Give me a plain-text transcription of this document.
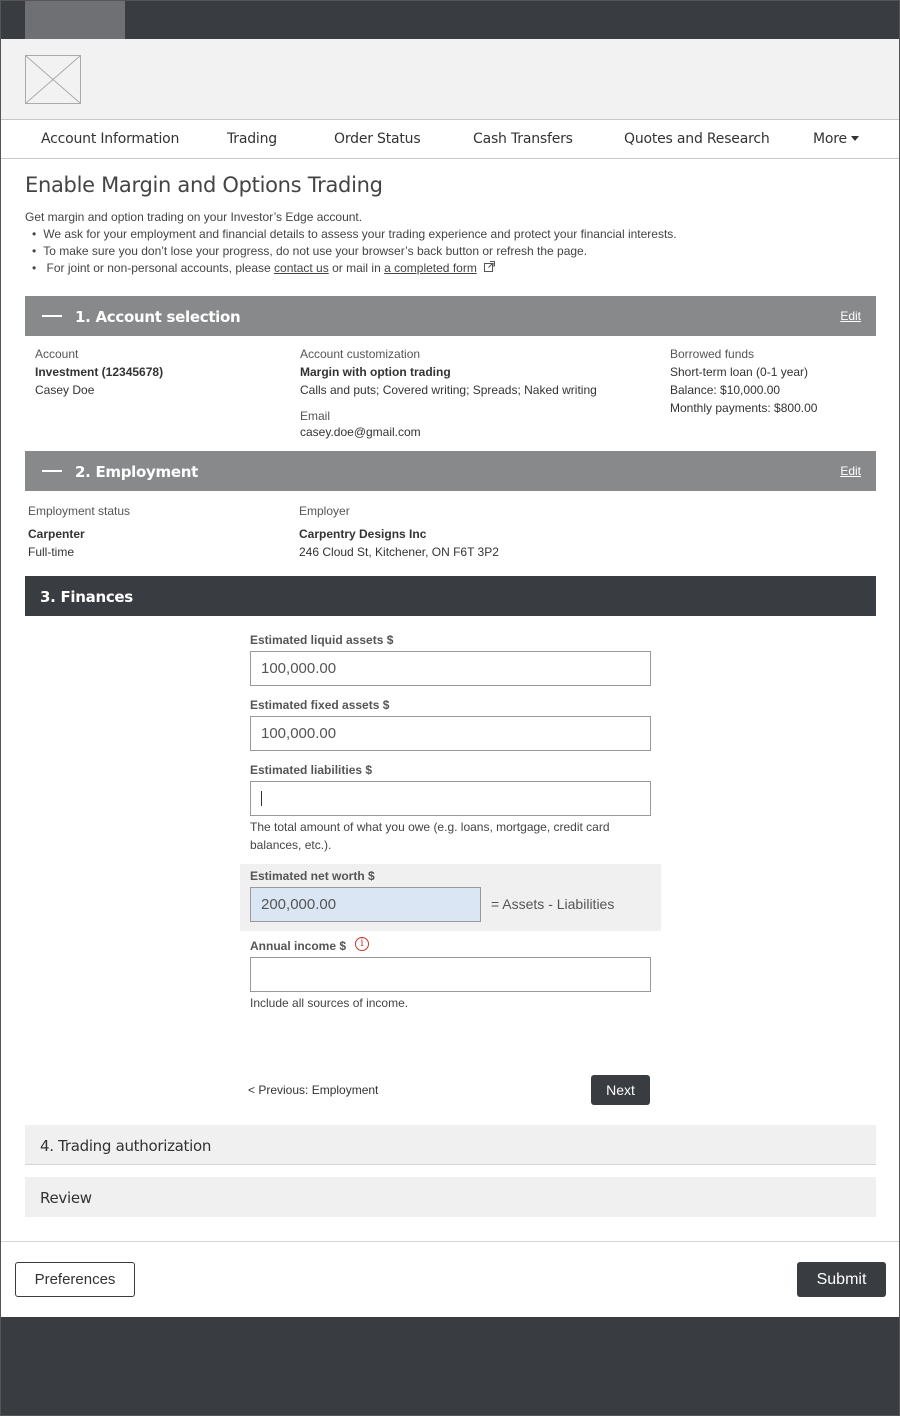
Account Information	Trading	Order Status	Cash Transfers	Quotes and Research	More
Enable Margin and Options Trading
Get margin and option trading on your Investor’s Edge account.
• We ask for your employment and financial details to assess your trading experience and protect your financial interests.
• To make sure you don’t lose your progress, do not use your browser’s back button or refresh the page.
• For joint or non-personal accounts, please contact us or mail in a completed form
1. Account selection	Edit
Account
Investment (12345678)
Casey Doe
Account customization
Margin with option trading
Calls and puts; Covered writing; Spreads; Naked writing
Email
casey.doe@gmail.com
Borrowed funds
Short-term loan (0-1 year)
Balance: $10,000.00
Monthly payments: $800.00
2. Employment	Edit
Employment status
Carpenter
Full-time
Employer
Carpentry Designs Inc
246 Cloud St, Kitchener, ON F6T 3P2
3. Finances
Estimated liquid assets $
100,000.00
Estimated fixed assets $
100,000.00
Estimated liabilities $
The total amount of what you owe (e.g. loans, mortgage, credit card balances, etc.).
Estimated net worth $
200,000.00
= Assets - Liabilities
Annual income $	i
Include all sources of income.
< Previous: Employment	Next
4. Trading authorization
Review
Preferences	Submit
